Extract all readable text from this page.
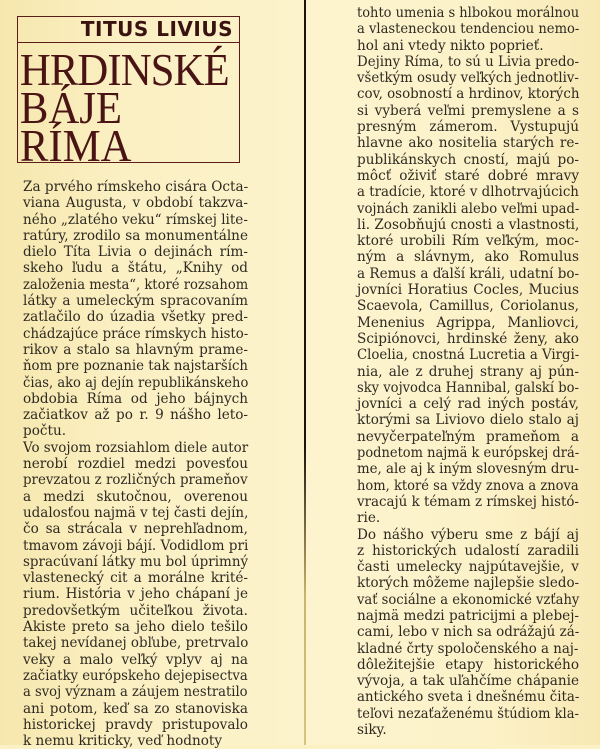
TITUS LIVIUS
HRDINSKÉ
BÁJE
RÍMA
Za prvého rímskeho cisára Octa-
viana Augusta, v období takzva-
ného „zlatého veku“ rímskej lite-
ratúry, zrodilo sa monumentálne
dielo Títa Livia o dejinách rím-
skeho ľudu a štátu, „Knihy od
založenia mesta“, ktoré rozsahom
látky a umeleckým spracovaním
zatlačilo do úzadia všetky pred-
chádzajúce práce rímskych histo-
rikov a stalo sa hlavným prame-
ňom pre poznanie tak najstarších
čias, ako aj dejín republikánskeho
obdobia Ríma od jeho bájnych
začiatkov až po r. 9 nášho leto-
počtu.
Vo svojom rozsiahlom diele autor
nerobí rozdiel medzi povesťou
prevzatou z rozličných prameňov
a medzi skutočnou, overenou
udalosťou najmä v tej časti dejín,
čo sa strácala v neprehľadnom,
tmavom závoji bájí. Vodidlom pri
spracúvaní látky mu bol úprimný
vlastenecký cit a morálne krité-
rium. História v jeho chápaní je
predovšetkým učiteľkou života.
Akiste preto sa jeho dielo tešilo
takej nevídanej obľube, pretrvalo
veky a malo veľký vplyv aj na
začiatky európskeho dejepisectva
a svoj význam a záujem nestratilo
ani potom, keď sa zo stanoviska
historickej pravdy pristupovalo
k nemu kriticky, veď hodnoty
tohto umenia s hlbokou morálnou
a vlasteneckou tendenciou nemo-
hol ani vtedy nikto poprieť.
Dejiny Ríma, to sú u Livia predo-
všetkým osudy veľkých jednotliv-
cov, osobností a hrdinov, ktorých
si vyberá veľmi premyslene a s
presným zámerom. Vystupujú
hlavne ako nositelia starých re-
publikánskych cností, majú po-
môcť oživiť staré dobré mravy
a tradície, ktoré v dlhotrvajúcich
vojnách zanikli alebo veľmi upad-
li. Zosobňujú cnosti a vlastnosti,
ktoré urobili Rím veľkým, moc-
ným a slávnym, ako Romulus
a Remus a ďalší králi, udatní bo-
jovníci Horatius Cocles, Mucius
Scaevola, Camillus, Coriolanus,
Menenius Agrippa, Manliovci,
Scipiónovci, hrdinské ženy, ako
Cloelia, cnostná Lucretia a Virgi-
nia, ale z druhej strany aj pún-
sky vojvodca Hannibal, galskí bo-
jovníci a celý rad iných postáv,
ktorými sa Liviovo dielo stalo aj
nevyčerpateľným prameňom a
podnetom najmä k európskej drá-
me, ale aj k iným slovesným dru-
hom, ktoré sa vždy znova a znova
vracajú k témam z rímskej histó-
rie.
Do nášho výberu sme z bájí aj
z historických udalostí zaradili
časti umelecky najpútavejšie, v
ktorých môžeme najlepšie sledo-
vať sociálne a ekonomické vzťahy
najmä medzi patricijmi a plebej-
cami, lebo v nich sa odrážajú zá-
kladné črty spoločenského a naj-
dôležitejšie etapy historického
vývoja, a tak uľahčíme chápanie
antického sveta i dnešnému čita-
teľovi nezaťaženému štúdiom kla-
siky.
